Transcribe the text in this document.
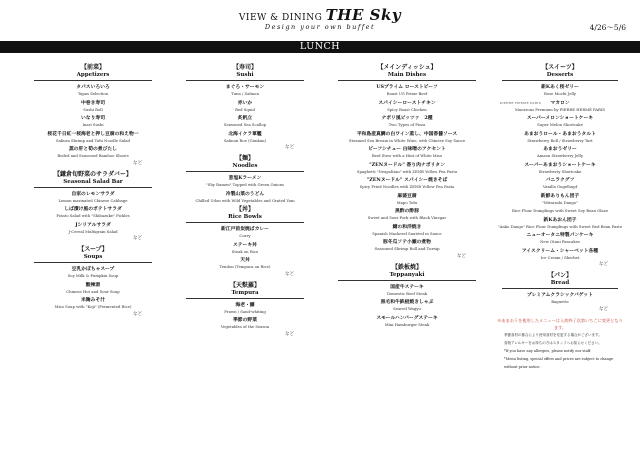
VIEW & DINING THE Sky
Design your own buffet	4/26～5/6
LUNCH
【前菜】
Appetizers
タパスいろいろ
Tapas Selection
中巻き寿司
Sushi Roll
いなり寿司
Inari Sushi
桜花千日紅一桜海老と押し豆腐の和え物一
Sakura Shrimp and Tofu Noodle Salad
蒸の肝と筍の煮びたし
Boiled and Seasoned Bamboo Shoots
など
【鎌倉旬野菜のサラダバー】
Seasonal Salad Bar
自家のレモンサラダ
Lemon marinated Chinese Cabbage
しば漬け風のポテトサラダ
Potato Salad with "Shibazuke" Pickles
Jシリアルサラダ
J-Cereal Multigrain Salad
など
【スープ】
Soups
豆乳かぼちゃスープ
Soy Milk & Pumpkin Soup
酸辣湯
Chinese Hot and Sour Soup
米麹みそ汁
Miso Soup with "Koji" (Fermented Rice)
など
【寿司】
Sushi
まぐろ・サーモン
Tuna / Salmon
赤いか
Red Squid
炙帆立
Seasoned Sea Scallop
北海イクラ軍艦
Salmon Roe (Gunkan)
など
【麺】
Noodles
葱塩Kラーメン
"Shy Ramen" Topped with Green Onions
冷製山菜のうどん
Chilled Udon with Wild Vegetables and Grated Yam
【丼】
Rice Bowls
新江戸前炭焼ばカレー
Curry
ステーキ丼
Steak on Rice
天丼
Tendon (Tempura on Rice)
など
【天麩羅】
Tempura
海老・鱚
Prawn / Sand-whiting
季節の野菜
Vegetables of the Season
など
【メインディッシュ】
Main Dishes
USプライム ローストビーフ
Roast US Prime Beef
スパイシーローストチキン
Spicy Roast Chicken
ナポリ風ピッツァ　2種
Two Types of Pizza
平和島産真鯛の白ワイン蒸し、中国香醤ソース
Steamed Sea Bream in White Wine, with Chinese Soy Sauce
ビーフシチュー 白味噌のアクセント
Beef Stew with a Hint of White Miso
"ZENヌードル" 香り肉ナポリタン
Spaghetti "Neapolitan" with ZENB Yellow Pea Pasta
"ZENヌードル" スパイシー焼きそば
Spicy Fried Noodles with ZENB Yellow Pea Pasta
麻婆豆腐
Mapo Tofu
黒酢の酢豚
Sweet and Sour Pork with Black Vinegar
鯖の和洋焼き
Spanish Mackerel Sautéed in Sauce
豚冬瓜ソテ小瀬の煮物
Seasoned Shrimp Roll and Turnip
など
【鉄板焼】
Teppanyaki
国産牛ステーキ
Domestic Beef Steak
黒毛和牛鉄板焼きしゃぶ
Seared Wagyu
スモールハンバーグステーキ
Mini Hamburger Steak
【スイーツ】
Desserts
新Kあく桜ゼリー
Rose Mochi Jelly
PIERRE HERMÉ PARIS	マカロン
Macarons Premium by PIERRE HERMÉ PARIS
スーパーメロンショートケーキ
Super Melon Shortcake
あまおうロール・あまおうタルト
Strawberry Roll / Strawberry Tart
あまおうゼリー
Amaou Strawberry Jelly
スーパーあまおうショートケーキ
Strawberry Shortcake
バニラクグフ
Vanilla Gugelhupf
新鮮ありもん団子
"Mitarashi Dango"
Rice Flour Dumplings with Sweet Soy Bean Glaze
新Kあおん団子
"Anko Dango" Rice Flour Dumplings with Sweet Red Bean Paste
ニューオータニ特製パンケーキ
New Otani Pancakes
アイスクリーム・シャーベット各種
Ice Cream / Sherbet
など
【パン】
Bread
プレミアムクラシックバゲット
Baguette
など
※あまおうを使用したメニューは入荷終了次第いちごに変更となります。
季節食材の都合により使用食材を変更する場合がございます。
食物アレルギーをお持ちの方はスタッフへお知らせください。
*If you have any allergies, please notify our staff.
*Menu listing, special offers and prices are subject to change without prior notice.
